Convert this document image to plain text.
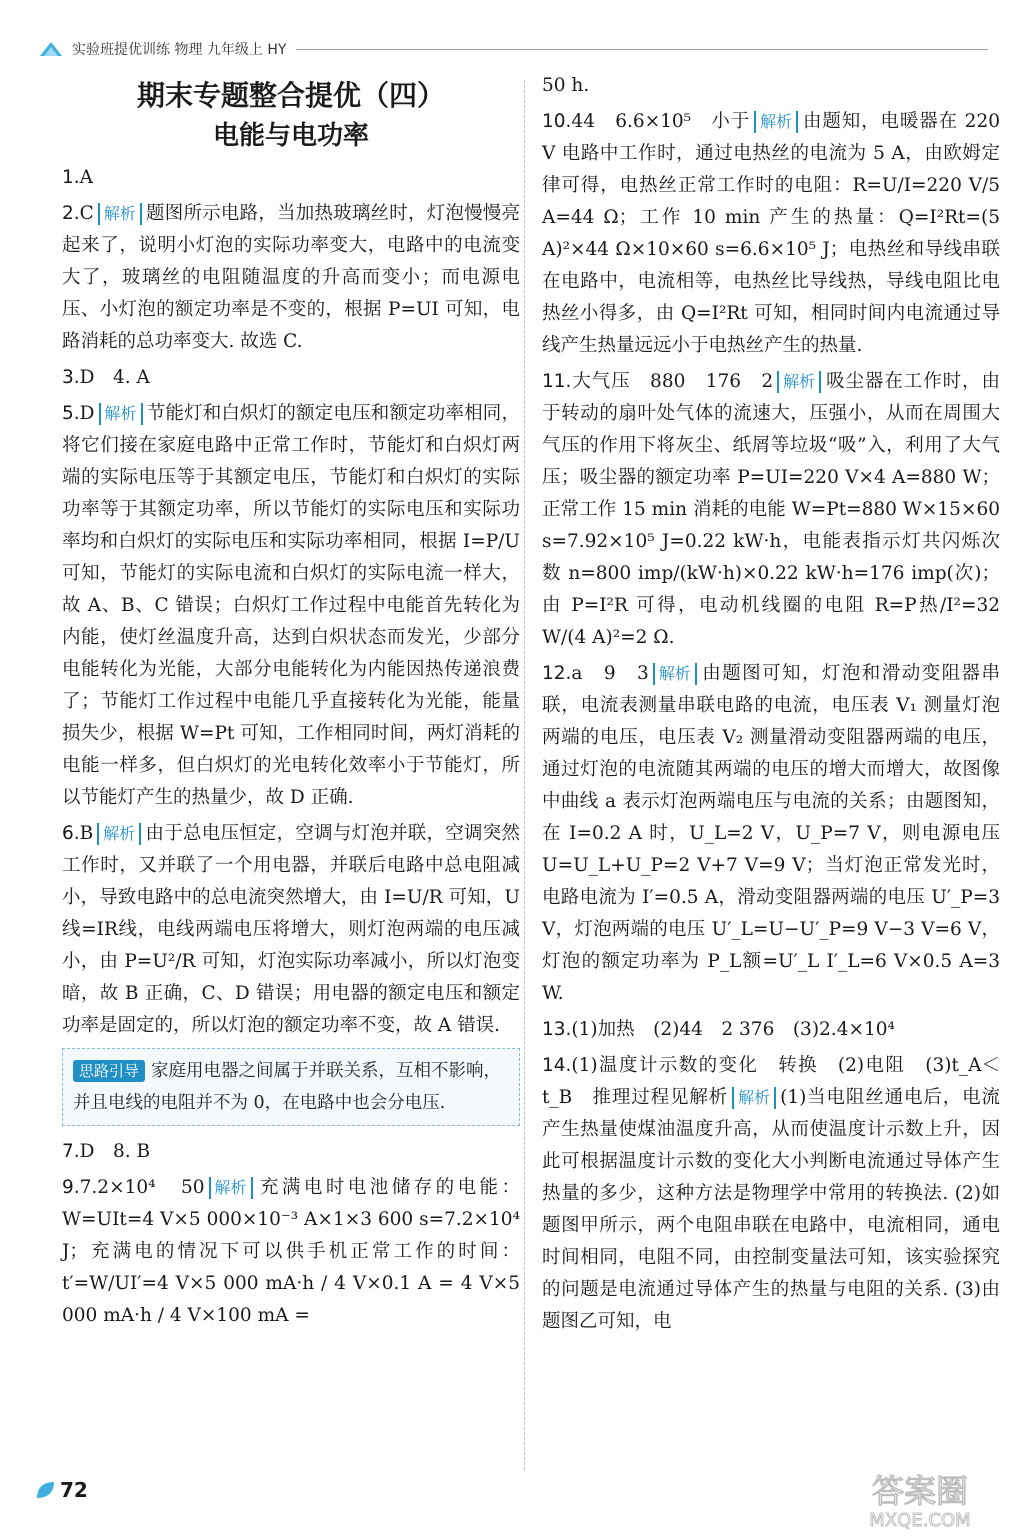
实验班提优训练 物理 九年级上 HY
期末专题整合提优（四）
电能与电功率
1.A
2.C 解析 题图所示电路，当加热玻璃丝时，灯泡慢慢亮起来了，说明小灯泡的实际功率变大，电路中的电流变大了，玻璃丝的电阻随温度的升高而变小；而电源电压、小灯泡的额定功率是不变的，根据 P=UI 可知，电路消耗的总功率变大. 故选 C.
3.D　4. A
5.D 解析 节能灯和白炽灯的额定电压和额定功率相同，将它们接在家庭电路中正常工作时，节能灯和白炽灯两端的实际电压等于其额定电压，节能灯和白炽灯的实际功率等于其额定功率，所以节能灯的实际电压和实际功率均和白炽灯的实际电压和实际功率相同，根据 I=P/U 可知，节能灯的实际电流和白炽灯的实际电流一样大，故 A、B、C 错误；白炽灯工作过程中电能首先转化为内能，使灯丝温度升高，达到白炽状态而发光，少部分电能转化为光能，大部分电能转化为内能因热传递浪费了；节能灯工作过程中电能几乎直接转化为光能，能量损失少，根据 W=Pt 可知，工作相同时间，两灯消耗的电能一样多，但白炽灯的光电转化效率小于节能灯，所以节能灯产生的热量少，故 D 正确.
6.B 解析 由于总电压恒定，空调与灯泡并联，空调突然工作时，又并联了一个用电器，并联后电路中总电阻减小，导致电路中的总电流突然增大，由 I=U/R 可知，U线=IR线，电线两端电压将增大，则灯泡两端的电压减小，由 P=U²/R 可知，灯泡实际功率减小，所以灯泡变暗，故 B 正确，C、D 错误；用电器的额定电压和额定功率是固定的，所以灯泡的额定功率不变，故 A 错误.
思路引导 家庭用电器之间属于并联关系，互相不影响，并且电线的电阻并不为 0，在电路中也会分电压.
7.D　8. B
9.7.2×10⁴　50 解析 充满电时电池储存的电能：W=UIt=4 V×5 000×10⁻³ A×1×3 600 s=7.2×10⁴ J；充满电的情况下可以供手机正常工作的时间：t′=W/UI′=4 V×5 000 mA·h / 4 V×0.1 A = 4 V×5 000 mA·h / 4 V×100 mA =
50 h.
10.44　6.6×10⁵　小于 解析 由题知，电暖器在 220 V 电路中工作时，通过电热丝的电流为 5 A，由欧姆定律可得，电热丝正常工作时的电阻：R=U/I=220 V/5 A=44 Ω；工作 10 min 产生的热量：Q=I²Rt=(5 A)²×44 Ω×10×60 s=6.6×10⁵ J；电热丝和导线串联在电路中，电流相等，电热丝比导线热，导线电阻比电热丝小得多，由 Q=I²Rt 可知，相同时间内电流通过导线产生热量远远小于电热丝产生的热量.
11.大气压　880　176　2 解析 吸尘器在工作时，由于转动的扇叶处气体的流速大，压强小，从而在周围大气压的作用下将灰尘、纸屑等垃圾“吸”入，利用了大气压；吸尘器的额定功率 P=UI=220 V×4 A=880 W；正常工作 15 min 消耗的电能 W=Pt=880 W×15×60 s=7.92×10⁵ J=0.22 kW·h，电能表指示灯共闪烁次数 n=800 imp/(kW·h)×0.22 kW·h=176 imp(次)；由 P=I²R 可得，电动机线圈的电阻 R=P热/I²=32 W/(4 A)²=2 Ω.
12.a　9　3 解析 由题图可知，灯泡和滑动变阻器串联，电流表测量串联电路的电流，电压表 V₁ 测量灯泡两端的电压，电压表 V₂ 测量滑动变阻器两端的电压，通过灯泡的电流随其两端的电压的增大而增大，故图像中曲线 a 表示灯泡两端电压与电流的关系；由题图知，在 I=0.2 A 时，U_L=2 V，U_P=7 V，则电源电压 U=U_L+U_P=2 V+7 V=9 V；当灯泡正常发光时，电路电流为 I′=0.5 A，滑动变阻器两端的电压 U′_P=3 V，灯泡两端的电压 U′_L=U−U′_P=9 V−3 V=6 V，灯泡的额定功率为 P_L额=U′_L I′_L=6 V×0.5 A=3 W.
13.(1)加热　(2)44　2 376　(3)2.4×10⁴
14.(1)温度计示数的变化　转换　(2)电阻　(3)t_A＜t_B　推理过程见解析 解析 (1)当电阻丝通电后，电流产生热量使煤油温度升高，从而使温度计示数上升，因此可根据温度计示数的变化大小判断电流通过导体产生热量的多少，这种方法是物理学中常用的转换法. (2)如题图甲所示，两个电阻串联在电路中，电流相同，通电时间相同，电阻不同，由控制变量法可知，该实验探究的问题是电流通过导体产生的热量与电阻的关系. (3)由题图乙可知，电
72	答案圈
MXQE.COM
